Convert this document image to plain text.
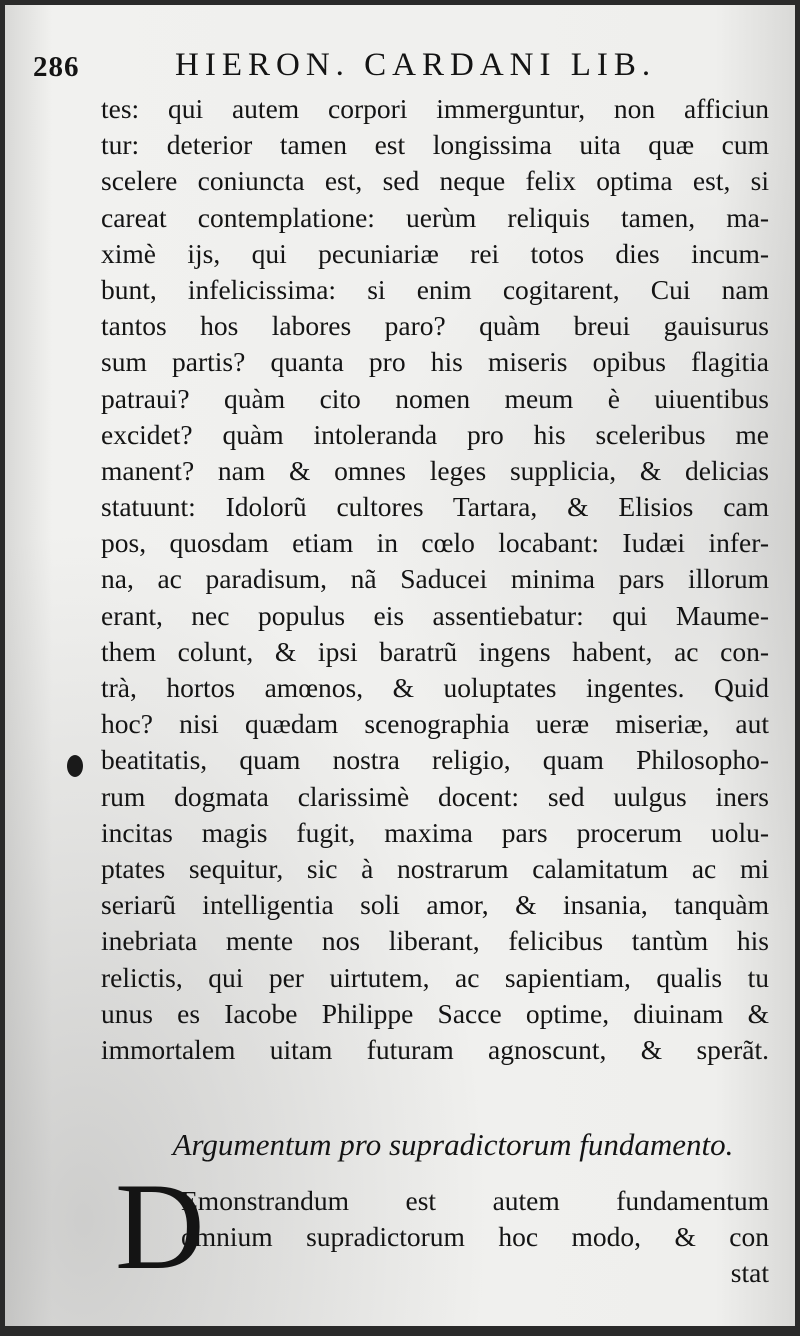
286	HIERON. CARDANI LIB.
tes: qui autem corpori immerguntur, non afficiun
tur: deterior tamen est longissima uita quæ cum
scelere coniuncta est, sed neque felix optima est, si
careat contemplatione: uerùm reliquis tamen, ma-
ximè ijs, qui pecuniariæ rei totos dies incum-
bunt, infelicissima: si enim cogitarent, Cui nam
tantos hos labores paro? quàm breui gauisurus
sum partis? quanta pro his miseris opibus flagitia
patraui? quàm cito nomen meum è uiuentibus
excidet? quàm intoleranda pro his sceleribus me
manent? nam & omnes leges supplicia, & delicias
statuunt: Idolorũ cultores Tartara, & Elisios cam
pos, quosdam etiam in cœlo locabant: Iudæi infer-
na, ac paradisum, nã Saducei minima pars illorum
erant, nec populus eis assentiebatur: qui Maume-
them colunt, & ipsi baratrũ ingens habent, ac con-
trà, hortos amœnos, & uoluptates ingentes. Quid
hoc? nisi quædam scenographia ueræ miseriæ, aut
beatitatis, quam nostra religio, quam Philosopho-
rum dogmata clarissimè docent: sed uulgus iners
incitas magis fugit, maxima pars procerum uolu-
ptates sequitur, sic à nostrarum calamitatum ac mi
seriarũ intelligentia soli amor, & insania, tanquàm
inebriata mente nos liberant, felicibus tantùm his
relictis, qui per uirtutem, ac sapientiam, qualis tu
unus es Iacobe Philippe Sacce optime, diuinam &
immortalem uitam futuram agnoscunt, & sperãt.
Argumentum pro supradictorum fundamento.
D
Emonstrandum est autem fundamentum
omnium supradictorum hoc modo, & con
stat
